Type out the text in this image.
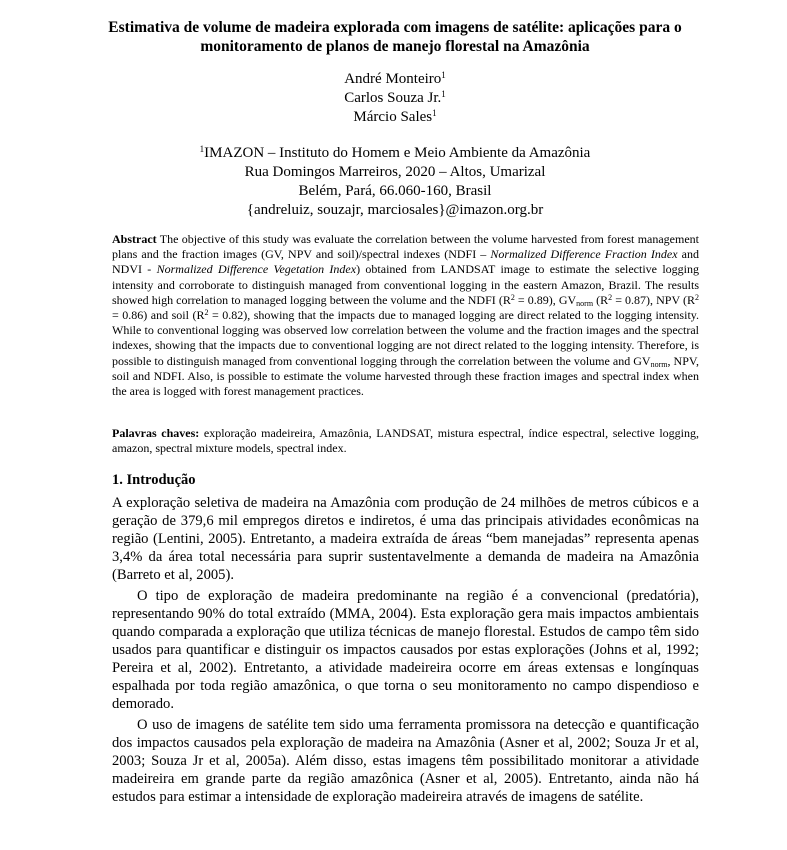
Estimativa de volume de madeira explorada com imagens de satélite: aplicações para o
monitoramento de planos de manejo florestal na Amazônia
André Monteiro$^1$
Carlos Souza Jr.$^1$
Márcio Sales$^1$
$^1$IMAZON – Instituto do Homem e Meio Ambiente da Amazônia
Rua Domingos Marreiros, 2020 – Altos, Umarizal
Belém, Pará, 66.060-160, Brasil
{andreluiz, souzajr, marciosales}@imazon.org.br

Abstract The objective of this study was evaluate the correlation between the volume harvested from forest management plans and the fraction images (GV, NPV and soil)/spectral indexes (NDFI – Normalized Difference Fraction Index and NDVI - Normalized Difference Vegetation Index) obtained from LANDSAT image to estimate the selective logging intensity and corroborate to distinguish managed from conventional logging in the eastern Amazon, Brazil. The results showed high correlation to managed logging between the volume and the NDFI $(R^2 = 0.89)$, $GV_{norm}$ $(R^2 = 0.87)$, NPV $(R^2 = 0.86)$ and soil $(R^2 = 0.82)$, showing that the impacts due to managed logging are direct related to the logging intensity. While to conventional logging was observed low correlation between the volume and the fraction images and the spectral indexes, showing that the impacts due to conventional logging are not direct related to the logging intensity. Therefore, is possible to distinguish managed from conventional logging through the correlation between the volume and $GV_{norm}$, NPV, soil and NDFI. Also, is possible to estimate the volume harvested through these fraction images and spectral index when the area is logged with forest management practices.

Palavras chaves: exploração madeireira, Amazônia, LANDSAT, mistura espectral, índice espectral, selective logging, amazon, spectral mixture models, spectral index.

1. Introdução

A exploração seletiva de madeira na Amazônia com produção de 24 milhões de metros cúbicos e a geração de 379,6 mil empregos diretos e indiretos, é uma das principais atividades econômicas na região (Lentini, 2005). Entretanto, a madeira extraída de áreas “bem manejadas” representa apenas 3,4% da área total necessária para suprir sustentavelmente a demanda de madeira na Amazônia (Barreto et al, 2005).

O tipo de exploração de madeira predominante na região é a convencional (predatória), representando 90% do total extraído (MMA, 2004). Esta exploração gera mais impactos ambientais quando comparada a exploração que utiliza técnicas de manejo florestal. Estudos de campo têm sido usados para quantificar e distinguir os impactos causados por estas explorações (Johns et al, 1992; Pereira et al, 2002). Entretanto, a atividade madeireira ocorre em áreas extensas e longínquas espalhada por toda região amazônica, o que torna o seu monitoramento no campo dispendioso e demorado.

O uso de imagens de satélite tem sido uma ferramenta promissora na detecção e quantificação dos impactos causados pela exploração de madeira na Amazônia (Asner et al, 2002; Souza Jr et al, 2003; Souza Jr et al, 2005a). Além disso, estas imagens têm possibilitado monitorar a atividade madeireira em grande parte da região amazônica (Asner et al, 2005). Entretanto, ainda não há estudos para estimar a intensidade de exploração madeireira através de imagens de satélite.
